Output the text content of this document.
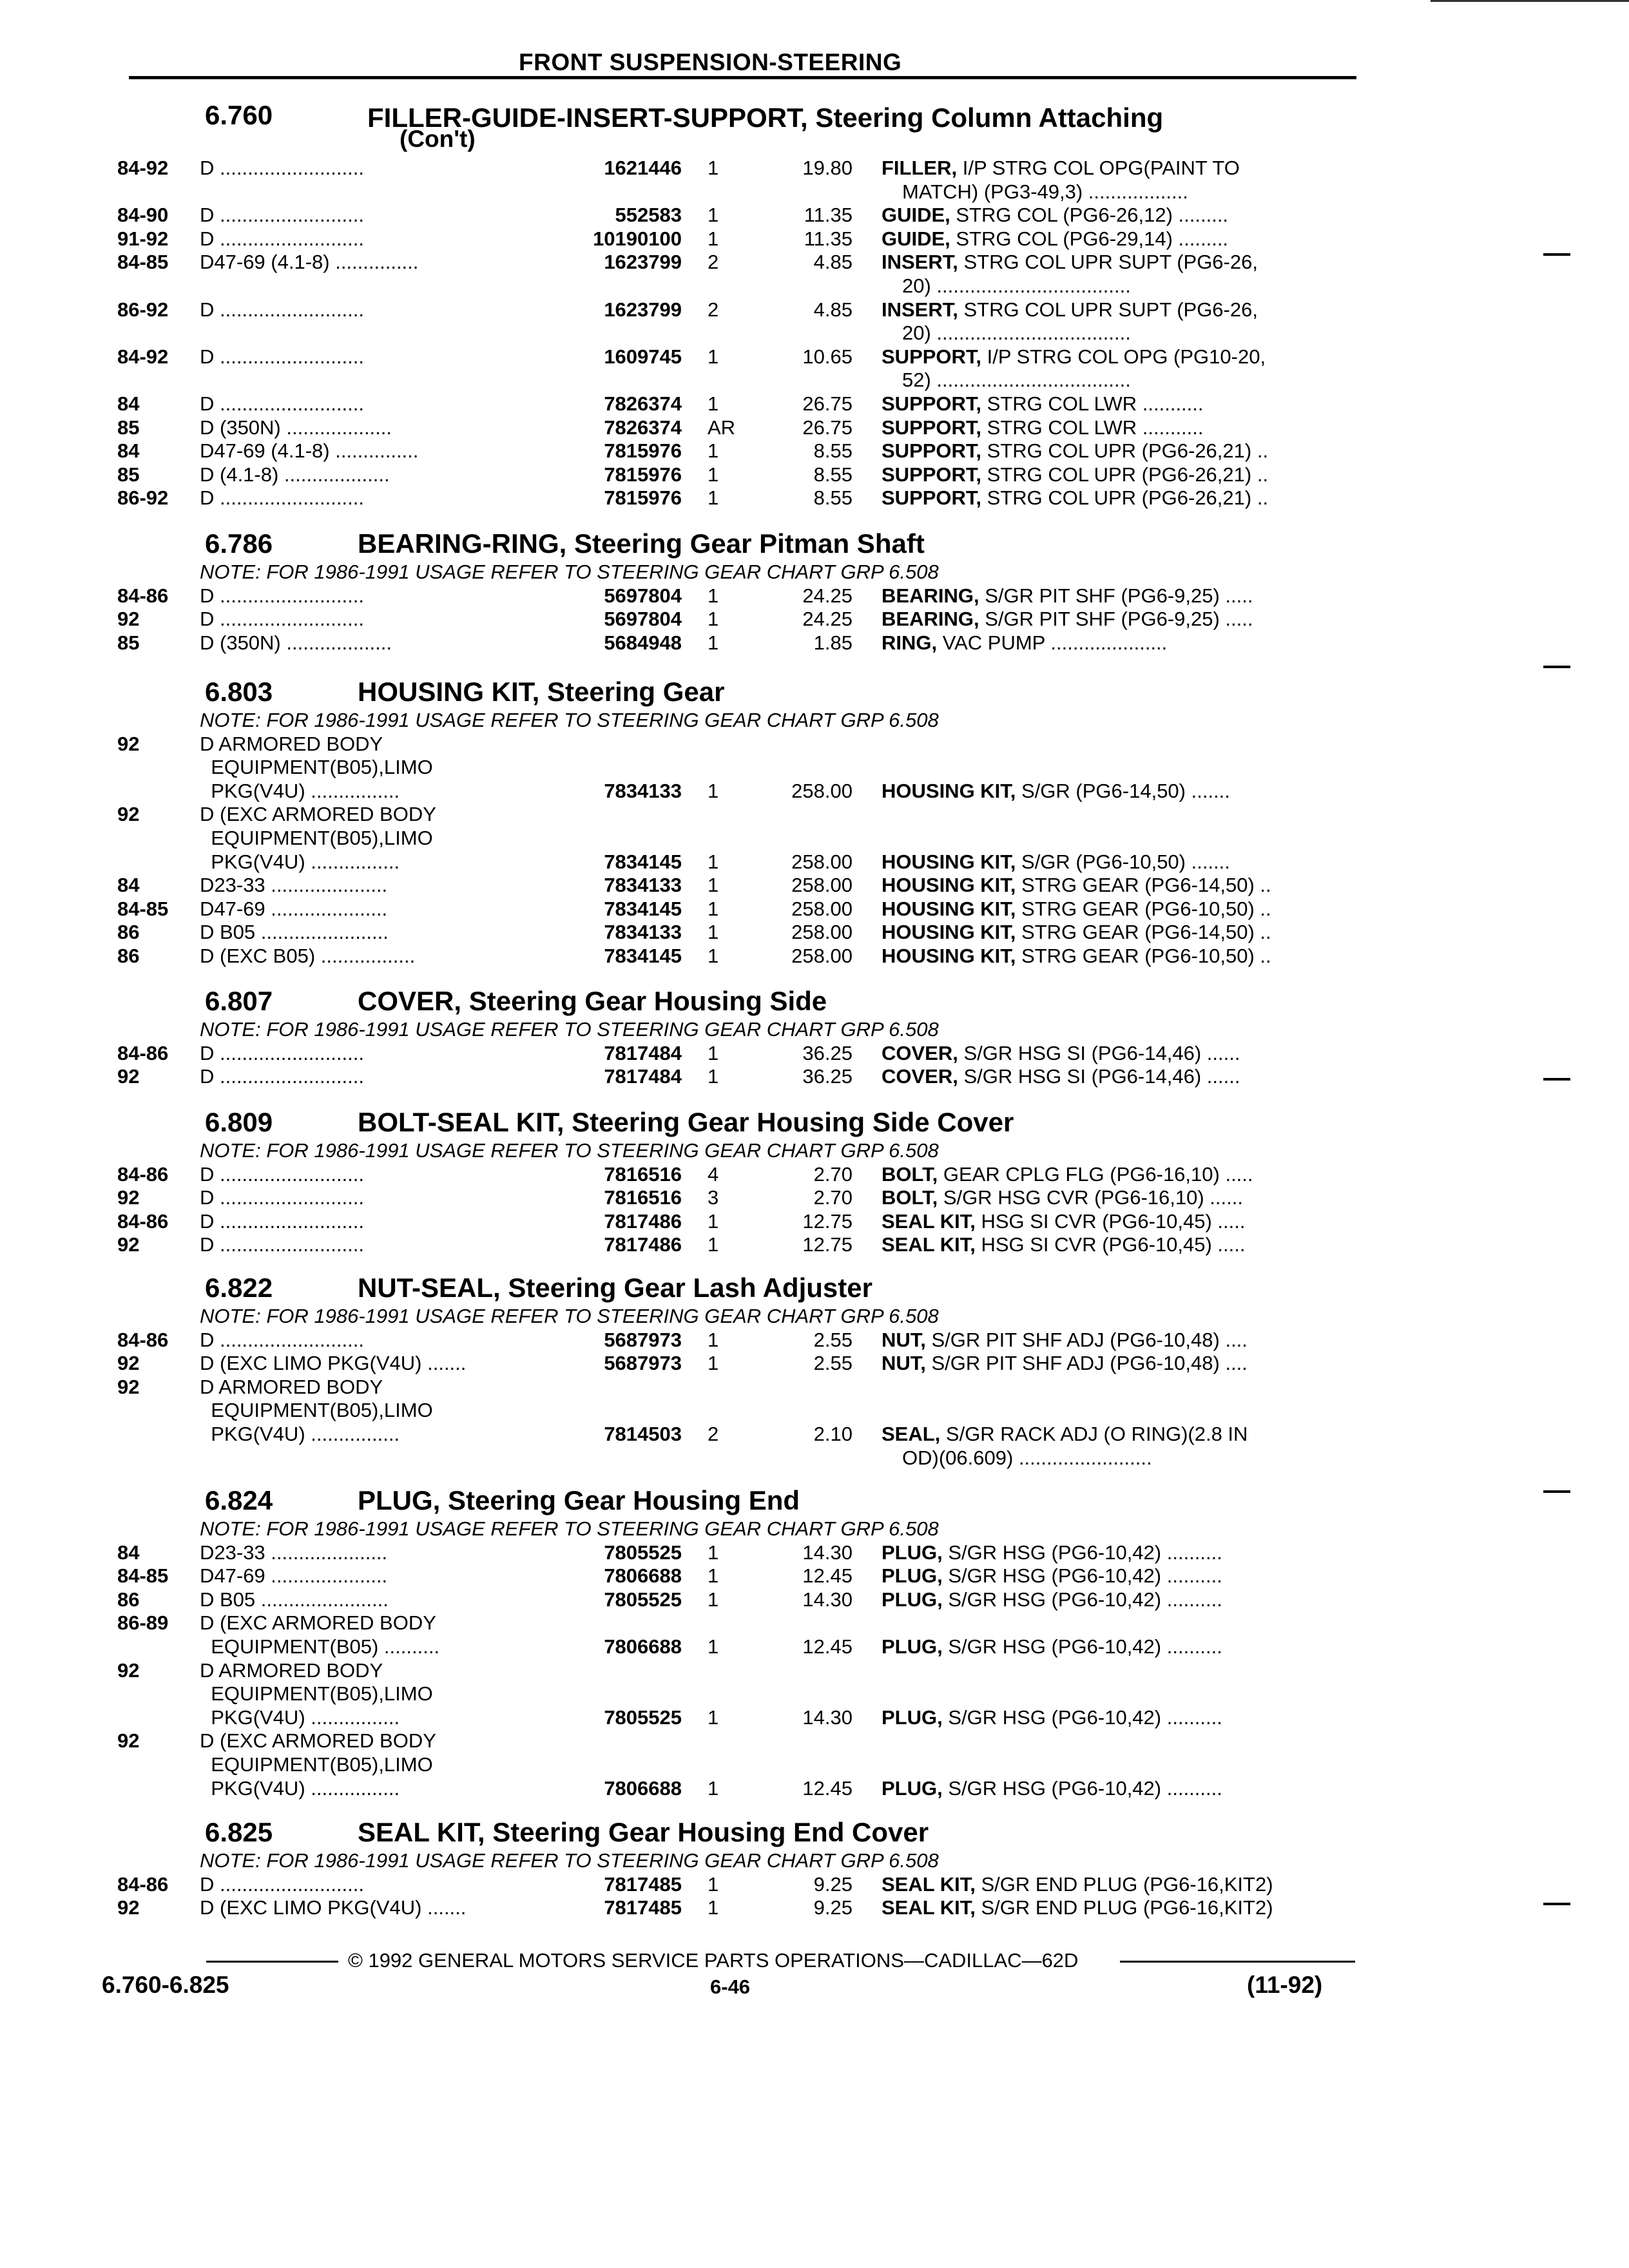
FRONT SUSPENSION-STEERING
6.760	FILLER-GUIDE-INSERT-SUPPORT, Steering Column Attaching
(Con't)
84-92 D ..........................	1621446 1	19.80 FILLER, I/P STRG COL OPG(PAINT TO
MATCH) (PG3-49,3) ..................
84-90 D ..........................	552583 1	11.35 GUIDE, STRG COL (PG6-26,12) .........
91-92 D ..........................	10190100 1	11.35 GUIDE, STRG COL (PG6-29,14) .........
84-85 D47-69 (4.1-8) ...............	1623799 2	4.85 INSERT, STRG COL UPR SUPT (PG6-26,
20) ...................................
86-92 D ..........................	1623799 2	4.85 INSERT, STRG COL UPR SUPT (PG6-26,
20) ...................................
84-92 D ..........................	1609745 1	10.65 SUPPORT, I/P STRG COL OPG (PG10-20,
52) ...................................
84	D ..........................	7826374 1	26.75 SUPPORT, STRG COL LWR ...........
85	D (350N) ...................	7826374 AR	26.75 SUPPORT, STRG COL LWR ...........
84	D47-69 (4.1-8) ...............	7815976 1	8.55 SUPPORT, STRG COL UPR (PG6-26,21) ..
85	D (4.1-8) ...................	7815976 1	8.55 SUPPORT, STRG COL UPR (PG6-26,21) ..
86-92 D ..........................	7815976 1	8.55 SUPPORT, STRG COL UPR (PG6-26,21) ..
6.786	BEARING-RING, Steering Gear Pitman Shaft
NOTE: FOR 1986-1991 USAGE REFER TO STEERING GEAR CHART GRP 6.508
84-86 D ..........................	5697804 1	24.25 BEARING, S/GR PIT SHF (PG6-9,25) .....
92	D ..........................	5697804 1	24.25 BEARING, S/GR PIT SHF (PG6-9,25) .....
85	D (350N) ...................	5684948 1	1.85 RING, VAC PUMP .....................
6.803	HOUSING KIT, Steering Gear
NOTE: FOR 1986-1991 USAGE REFER TO STEERING GEAR CHART GRP 6.508
92	D ARMORED BODY
EQUIPMENT(B05),LIMO
PKG(V4U) ................	7834133 1	258.00 HOUSING KIT, S/GR (PG6-14,50) .......
92	D (EXC ARMORED BODY
EQUIPMENT(B05),LIMO
PKG(V4U) ................	7834145 1	258.00 HOUSING KIT, S/GR (PG6-10,50) .......
84	D23-33 .....................	7834133 1	258.00 HOUSING KIT, STRG GEAR (PG6-14,50) ..
84-85 D47-69 .....................	7834145 1	258.00 HOUSING KIT, STRG GEAR (PG6-10,50) ..
86	D B05 .......................	7834133 1	258.00 HOUSING KIT, STRG GEAR (PG6-14,50) ..
86	D (EXC B05) .................	7834145 1	258.00 HOUSING KIT, STRG GEAR (PG6-10,50) ..
6.807	COVER, Steering Gear Housing Side
NOTE: FOR 1986-1991 USAGE REFER TO STEERING GEAR CHART GRP 6.508
84-86 D ..........................	7817484 1	36.25 COVER, S/GR HSG SI (PG6-14,46) ......
92	D ..........................	7817484 1	36.25 COVER, S/GR HSG SI (PG6-14,46) ......
6.809	BOLT-SEAL KIT, Steering Gear Housing Side Cover
NOTE: FOR 1986-1991 USAGE REFER TO STEERING GEAR CHART GRP 6.508
84-86 D ..........................	7816516 4	2.70 BOLT, GEAR CPLG FLG (PG6-16,10) .....
92	D ..........................	7816516 3	2.70 BOLT, S/GR HSG CVR (PG6-16,10) ......
84-86 D ..........................	7817486 1	12.75 SEAL KIT, HSG SI CVR (PG6-10,45) .....
92	D ..........................	7817486 1	12.75 SEAL KIT, HSG SI CVR (PG6-10,45) .....
6.822	NUT-SEAL, Steering Gear Lash Adjuster
NOTE: FOR 1986-1991 USAGE REFER TO STEERING GEAR CHART GRP 6.508
84-86 D ..........................	5687973 1	2.55 NUT, S/GR PIT SHF ADJ (PG6-10,48) ....
92	D (EXC LIMO PKG(V4U) .......	5687973 1	2.55 NUT, S/GR PIT SHF ADJ (PG6-10,48) ....
92	D ARMORED BODY
EQUIPMENT(B05),LIMO
PKG(V4U) ................	7814503 2	2.10 SEAL, S/GR RACK ADJ (O RING)(2.8 IN
OD)(06.609) ........................
6.824	PLUG, Steering Gear Housing End
NOTE: FOR 1986-1991 USAGE REFER TO STEERING GEAR CHART GRP 6.508
84	D23-33 .....................	7805525 1	14.30 PLUG, S/GR HSG (PG6-10,42) ..........
84-85 D47-69 .....................	7806688 1	12.45 PLUG, S/GR HSG (PG6-10,42) ..........
86	D B05 .......................	7805525 1	14.30 PLUG, S/GR HSG (PG6-10,42) ..........
86-89 D (EXC ARMORED BODY
EQUIPMENT(B05) ..........	7806688 1	12.45 PLUG, S/GR HSG (PG6-10,42) ..........
92	D ARMORED BODY
EQUIPMENT(B05),LIMO
PKG(V4U) ................	7805525 1	14.30 PLUG, S/GR HSG (PG6-10,42) ..........
92	D (EXC ARMORED BODY
EQUIPMENT(B05),LIMO
PKG(V4U) ................	7806688 1	12.45 PLUG, S/GR HSG (PG6-10,42) ..........
6.825	SEAL KIT, Steering Gear Housing End Cover
NOTE: FOR 1986-1991 USAGE REFER TO STEERING GEAR CHART GRP 6.508
84-86 D ..........................	7817485 1	9.25 SEAL KIT, S/GR END PLUG (PG6-16,KIT2)
92	D (EXC LIMO PKG(V4U) .......	7817485 1	9.25 SEAL KIT, S/GR END PLUG (PG6-16,KIT2)
© 1992 GENERAL MOTORS SERVICE PARTS OPERATIONS—CADILLAC—62D
6.760-6.825	6-46	(11-92)
